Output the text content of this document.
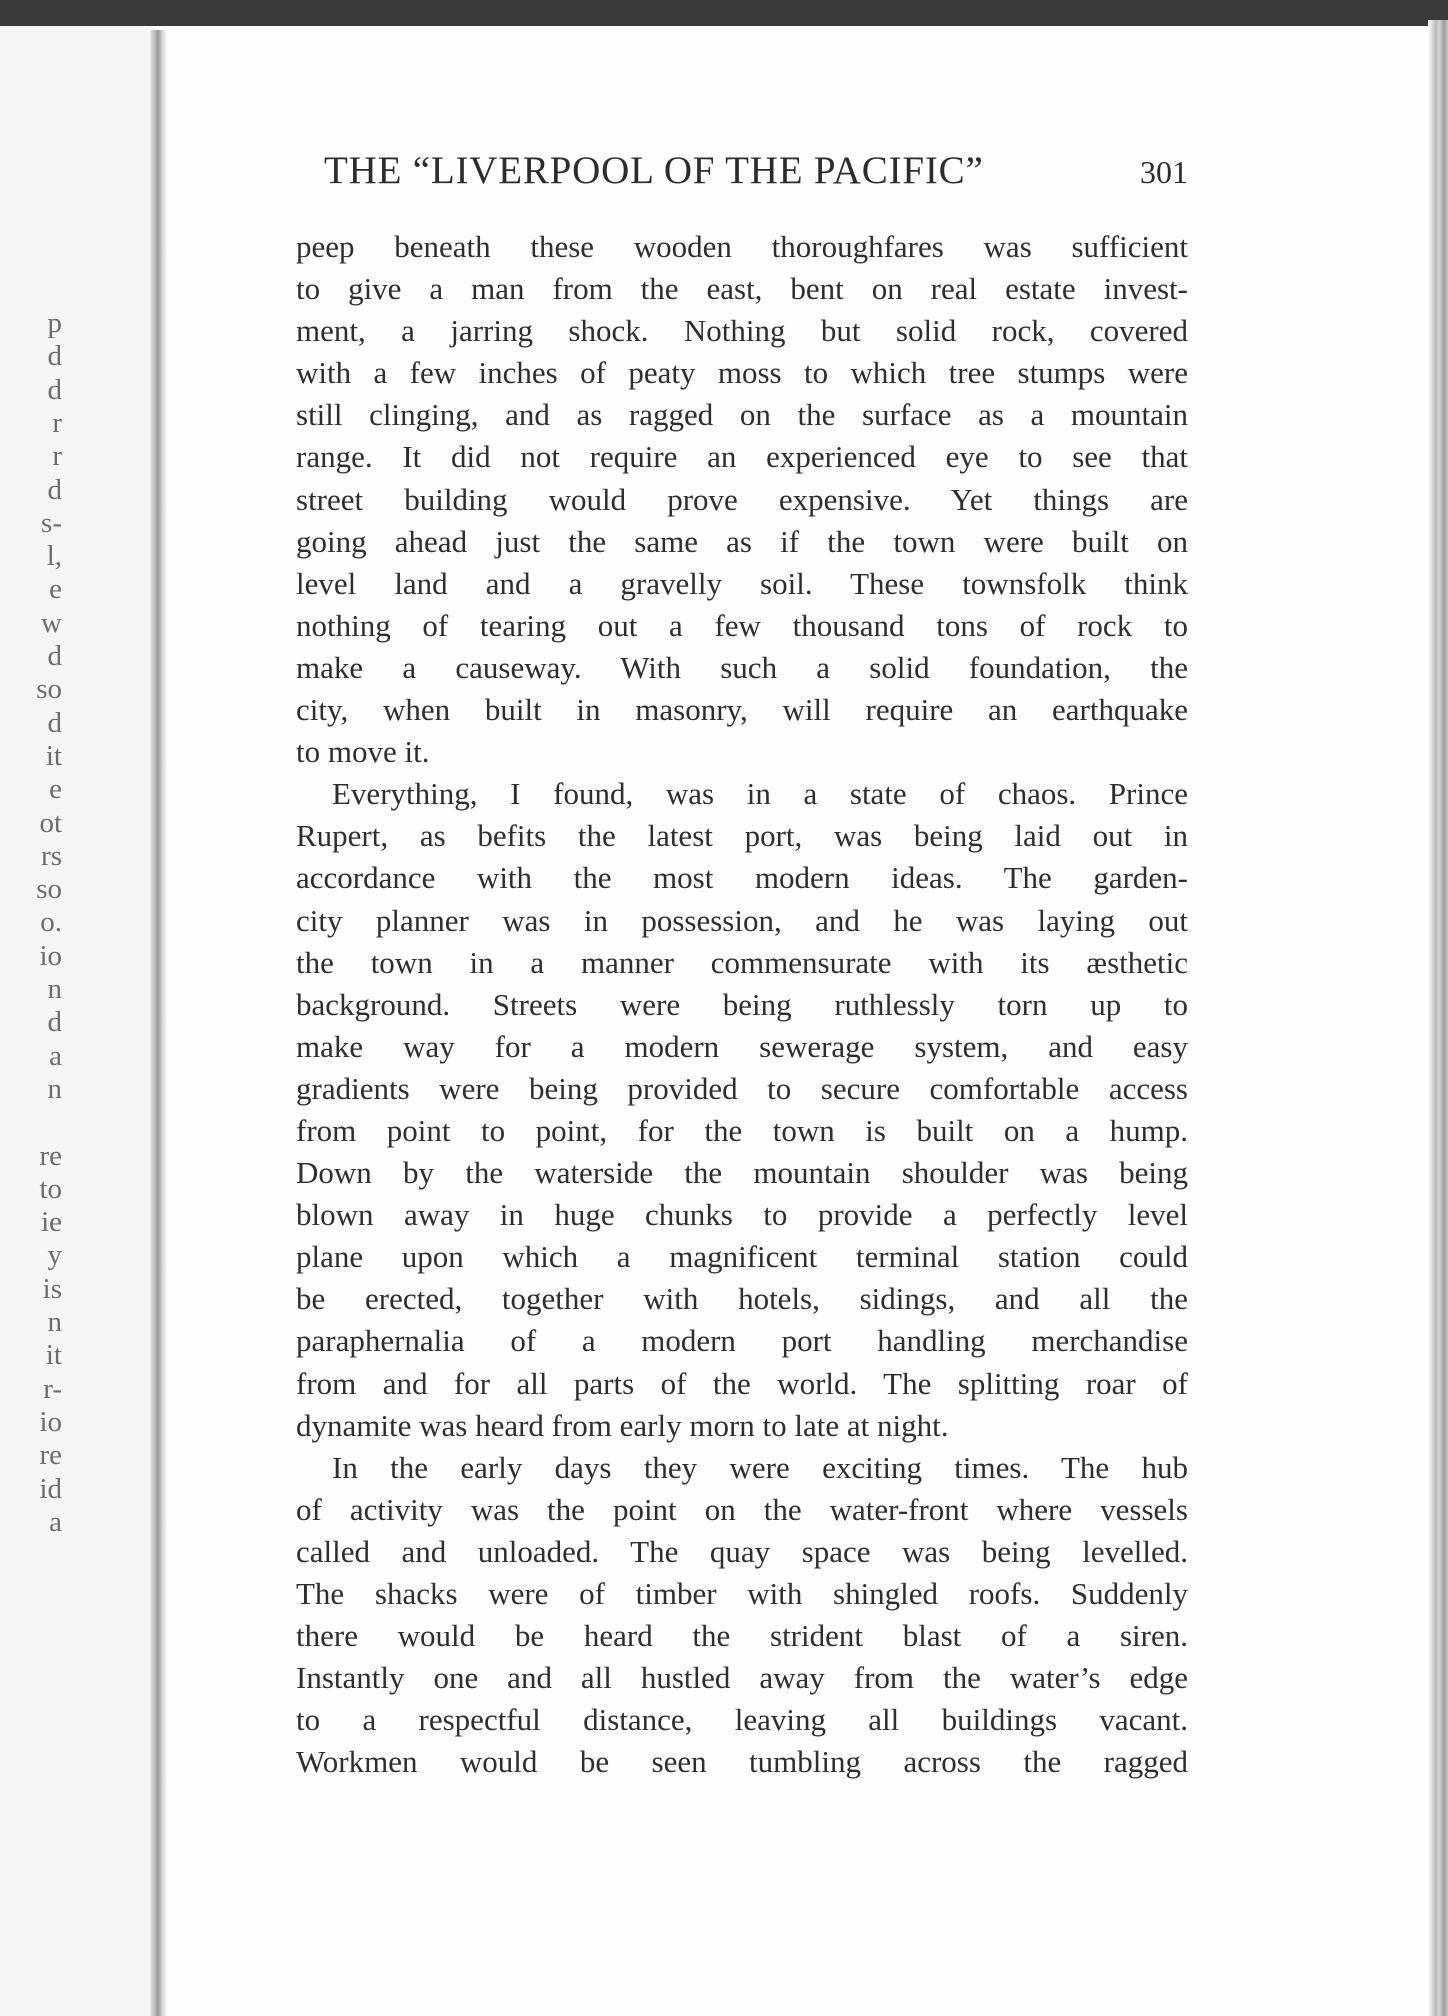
p
d
d
r
r
d
s-
l,
e
w
d
so
d
it
e
ot
rs
so
o.
io
n
d
a
n
re
to
ie
y
is
n
it
r-
io
re
id
a
THE “LIVERPOOL OF THE PACIFIC”	301
peep beneath these wooden thoroughfares was sufficient
to give a man from the east, bent on real estate invest-
ment, a jarring shock. Nothing but solid rock, covered
with a few inches of peaty moss to which tree stumps were
still clinging, and as ragged on the surface as a mountain
range. It did not require an experienced eye to see that
street building would prove expensive. Yet things are
going ahead just the same as if the town were built on
level land and a gravelly soil. These townsfolk think
nothing of tearing out a few thousand tons of rock to
make a causeway. With such a solid foundation, the
city, when built in masonry, will require an earthquake
to move it.
Everything, I found, was in a state of chaos. Prince
Rupert, as befits the latest port, was being laid out in
accordance with the most modern ideas. The garden-
city planner was in possession, and he was laying out
the town in a manner commensurate with its æsthetic
background. Streets were being ruthlessly torn up to
make way for a modern sewerage system, and easy
gradients were being provided to secure comfortable access
from point to point, for the town is built on a hump.
Down by the waterside the mountain shoulder was being
blown away in huge chunks to provide a perfectly level
plane upon which a magnificent terminal station could
be erected, together with hotels, sidings, and all the
paraphernalia of a modern port handling merchandise
from and for all parts of the world. The splitting roar of
dynamite was heard from early morn to late at night.
In the early days they were exciting times. The hub
of activity was the point on the water-front where vessels
called and unloaded. The quay space was being levelled.
The shacks were of timber with shingled roofs. Suddenly
there would be heard the strident blast of a siren.
Instantly one and all hustled away from the water’s edge
to a respectful distance, leaving all buildings vacant.
Workmen would be seen tumbling across the ragged
